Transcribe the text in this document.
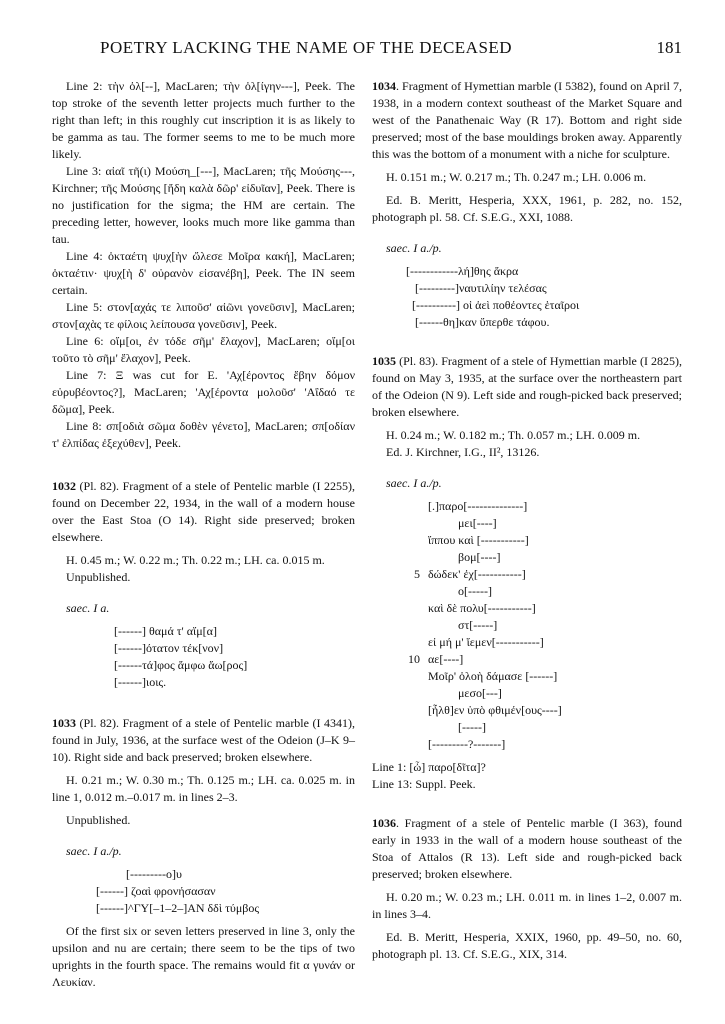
POETRY LACKING THE NAME OF THE DECEASED	181

Line 2: τὴν ὀλ[--], MacLaren; τὴν ὀλ[ίγην---], Peek. The top stroke of the seventh letter projects much further to the right than left; in this roughly cut inscription it is as likely to be gamma as tau. The former seems to me to be much more likely.

Line 3: αἰαῖ τῆ(ι) Μούση_[---], MacLaren; τῆς Μούσης---, Kirchner; τῆς Μούσης [ἤδη καλὰ δῶρ' εἰδυῖαν], Peek. There is no justification for the sigma; the HM are certain. The preceding letter, however, looks much more like gamma than tau.

Line 4: ὀκταέτη ψυχ[ὴν ὤλεσε Μοῖρα κακή], MacLaren; ὀκταέτιν· ψυχ[ὴ δ' οὐρανὸν εἰσανέβη], Peek. The IN seem certain.

Line 5: στον[αχάς τε λιποῦσ' αἰῶνι γονεῦσιν], MacLaren; στον[αχὰς τε φίλοις λείπουσα γονεῦσιν], Peek.

Line 6: οἴμ[οι, ἐν τόδε σῆμ' ἔλαχον], MacLaren; οἴμ[οι τοῦτο τὸ σῆμ' ἔλαχον], Peek.

Line 7: Ξ was cut for E. 'Αχ[έροντος ἔβην δόμον εὐρυβέοντος?], MacLaren; 'Αχ[έροντα μολοῦσ' 'Αΐδαό τε δῶμα], Peek.

Line 8: σπ[οδιὰ σῶμα δοθὲν γένετο], MacLaren; σπ[οδίαν τ' ἐλπίδας ἐξεχύθεν], Peek.

1032 (Pl. 82). Fragment of a stele of Pentelic marble (I 2255), found on December 22, 1934, in the wall of a modern house over the East Stoa (O 14). Right side preserved; broken elsewhere.

H. 0.45 m.; W. 0.22 m.; Th. 0.22 m.; LH. ca. 0.015 m.

Unpublished.

saec. I a.

[------] θαμά τ' αἵμ[α]

[------]ότατον τέκ[νον]

[------τά]φος ἄμφω ἄω[ρος]

[------]ιοις.

1033 (Pl. 82). Fragment of a stele of Pentelic marble (I 4341), found in July, 1936, at the surface west of the Odeion (J–K 9–10). Right side and back preserved; broken elsewhere.

H. 0.21 m.; W. 0.30 m.; Th. 0.125 m.; LH. ca. 0.025 m. in line 1, 0.012 m.–0.017 m. in lines 2–3.

Unpublished.

saec. I a./p.

[---------ο]υ

[------] ζοαὶ φρονήσασαν

[------]^ΓΥ[–1–2–]ΑΝ δδὶ τύμβος

Of the first six or seven letters preserved in line 3, only the upsilon and nu are certain; there seem to be the tips of two uprights in the fourth space. The remains would fit α γυνάν or Λευκίαν.

1034. Fragment of Hymettian marble (I 5382), found on April 7, 1938, in a modern context southeast of the Market Square and west of the Panathenaic Way (R 17). Bottom and right side preserved; most of the base mouldings broken away. Apparently this was the bottom of a monument with a niche for sculpture.

H. 0.151 m.; W. 0.217 m.; Th. 0.247 m.; LH. 0.006 m.

Ed. B. Meritt, Hesperia, XXX, 1961, p. 282, no. 152, photograph pl. 58. Cf. S.E.G., XXI, 1088.

saec. I a./p.

[------------λή]θης ἄκρα

[---------]ναυτιλίην τελέσας

[----------] οἱ ἀεὶ ποθέοντες ἑταῖροι

[------θη]καν ὕπερθε τάφου.

1035 (Pl. 83). Fragment of a stele of Hymettian marble (I 2825), found on May 3, 1935, at the surface over the northeastern part of the Odeion (N 9). Left side and rough-picked back preserved; broken elsewhere.

H. 0.24 m.; W. 0.182 m.; Th. 0.057 m.; LH. 0.009 m.

Ed. J. Kirchner, I.G., II², 13126.

saec. I a./p.

[.]παρο[--------------]

μει[----]

ἵππου καὶ [-----------]

βομ[----]

5 δώδεκ' ἐχ[-----------]

ο[-----]

καὶ δὲ πολυ[-----------]

στ[-----]

εἰ μή μ' ἵεμεν[-----------]

10 αε[----]

Μοῖρ' ὀλοὴ δάμασε [------]

μεσο[---]

[ἦλθ]εν ὑπὸ φθιμέν[ους----]

[-----]

[---------?-------]

Line 1: [ὦ] παρο[δῖτα]?

Line 13: Suppl. Peek.

1036. Fragment of a stele of Pentelic marble (I 363), found early in 1933 in the wall of a modern house southeast of the Stoa of Attalos (R 13). Left side and rough-picked back preserved; broken elsewhere.

H. 0.20 m.; W. 0.23 m.; LH. 0.011 m. in lines 1–2, 0.007 m. in lines 3–4.

Ed. B. Meritt, Hesperia, XXIX, 1960, pp. 49–50, no. 60, photograph pl. 13. Cf. S.E.G., XIX, 314.
